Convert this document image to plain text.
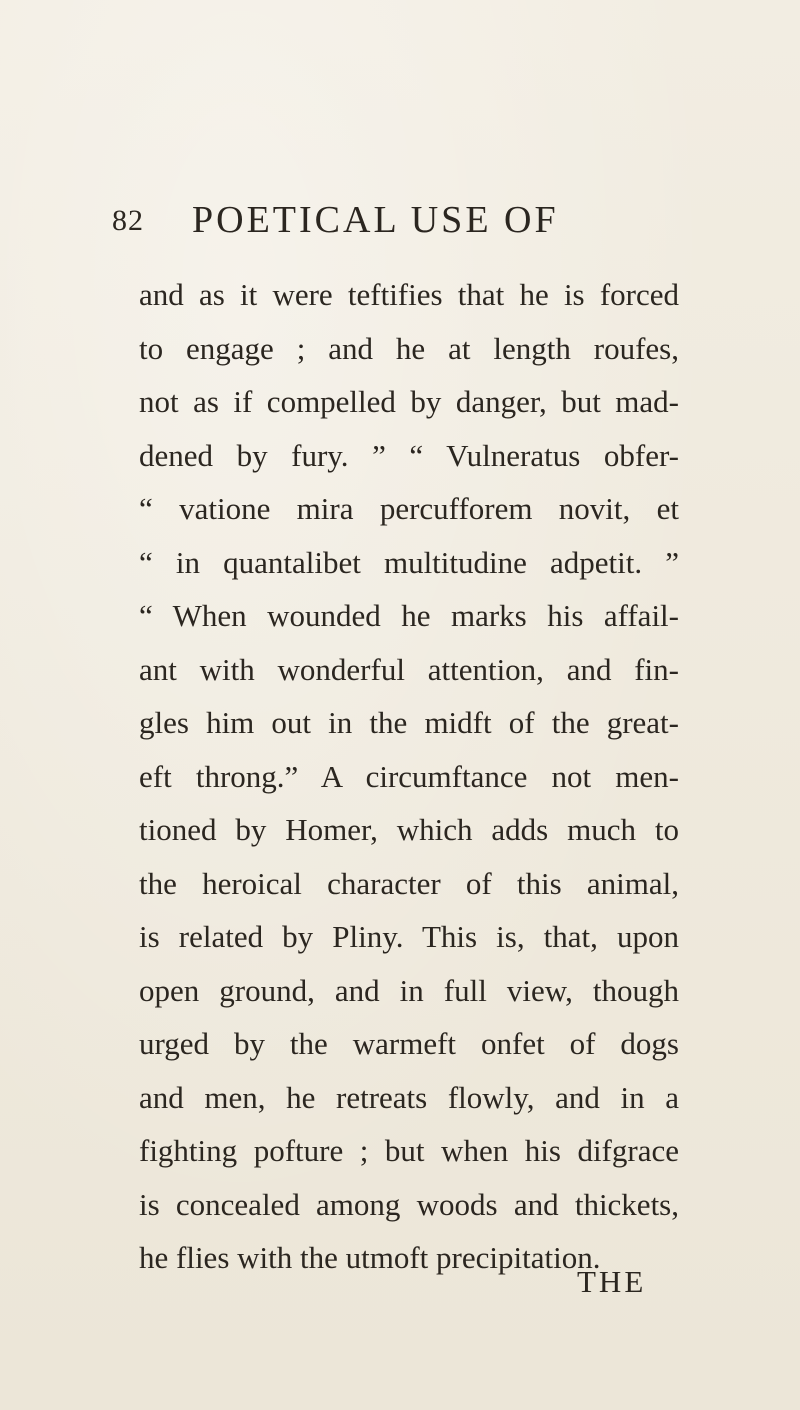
82 POETICAL USE OF
and as it were teftifies that he is forced
to engage ; and he at length roufes,
not as if compelled by danger, but mad-
dened by fury. ” “ Vulneratus obfer-
“ vatione mira percufforem novit, et
“ in quantalibet multitudine adpetit. ”
“ When wounded he marks his affail-
ant with wonderful attention, and fin-
gles him out in the midft of the great-
eft throng.” A circumftance not men-
tioned by Homer, which adds much to
the heroical character of this animal,
is related by Pliny. This is, that, upon
open ground, and in full view, though
urged by the warmeft onfet of dogs
and men, he retreats flowly, and in a
fighting pofture ; but when his difgrace
is concealed among woods and thickets,
he flies with the utmoft precipitation.
THE
